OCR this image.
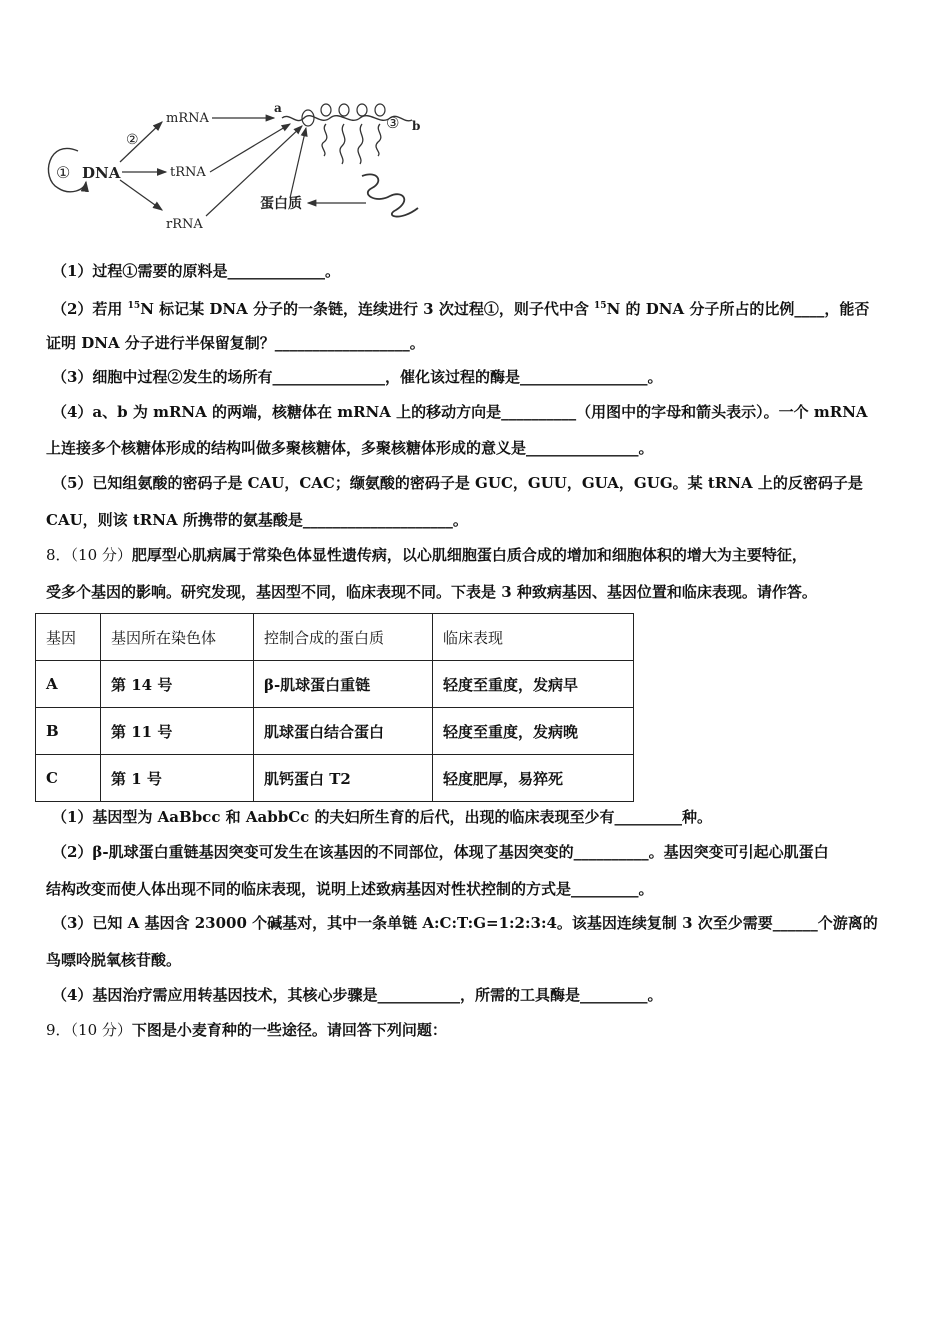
① DNA
②
mRNA
tRNA
rRNA
a
③ b
蛋白质
（1）过程①需要的原料是_____________。
（2）若用 $^{15}$N 标记某 DNA 分子的一条链，连续进行 3 次过程①，则子代中含 $^{15}$N 的 DNA 分子所占的比例____，能否
证明 DNA 分子进行半保留复制？__________________。
（3）细胞中过程②发生的场所有_______________，催化该过程的酶是_________________。
（4）a、b 为 mRNA 的两端，核糖体在 mRNA 上的移动方向是__________（用图中的字母和箭头表示）。一个 mRNA
上连接多个核糖体形成的结构叫做多聚核糖体，多聚核糖体形成的意义是_______________。
（5）已知组氨酸的密码子是 CAU，CAC；缬氨酸的密码子是 GUC，GUU，GUA，GUG。某 tRNA 上的反密码子是
CAU，则该 tRNA 所携带的氨基酸是____________________。
8．（10 分）肥厚型心肌病属于常染色体显性遗传病，以心肌细胞蛋白质合成的增加和细胞体积的增大为主要特征，
受多个基因的影响。研究发现，基因型不同，临床表现不同。下表是 3 种致病基因、基因位置和临床表现。请作答。
基因	基因所在染色体	控制合成的蛋白质	临床表现
A	第 14 号	β-肌球蛋白重链	轻度至重度，发病早
B	第 11 号	肌球蛋白结合蛋白	轻度至重度，发病晚
C	第 1 号	肌钙蛋白 T2	轻度肥厚，易猝死
（1）基因型为 AaBbcc 和 AabbCc 的夫妇所生育的后代，出现的临床表现至少有_________种。
（2）β-肌球蛋白重链基因突变可发生在该基因的不同部位，体现了基因突变的__________。基因突变可引起心肌蛋白
结构改变而使人体出现不同的临床表现，说明上述致病基因对性状控制的方式是_________。
（3）已知 A 基因含 23000 个碱基对，其中一条单链 A:C:T:G=1:2:3:4。该基因连续复制 3 次至少需要______个游离的
鸟嘌呤脱氧核苷酸。
（4）基因治疗需应用转基因技术，其核心步骤是___________，所需的工具酶是_________。
9．（10 分）下图是小麦育种的一些途径。请回答下列问题：
